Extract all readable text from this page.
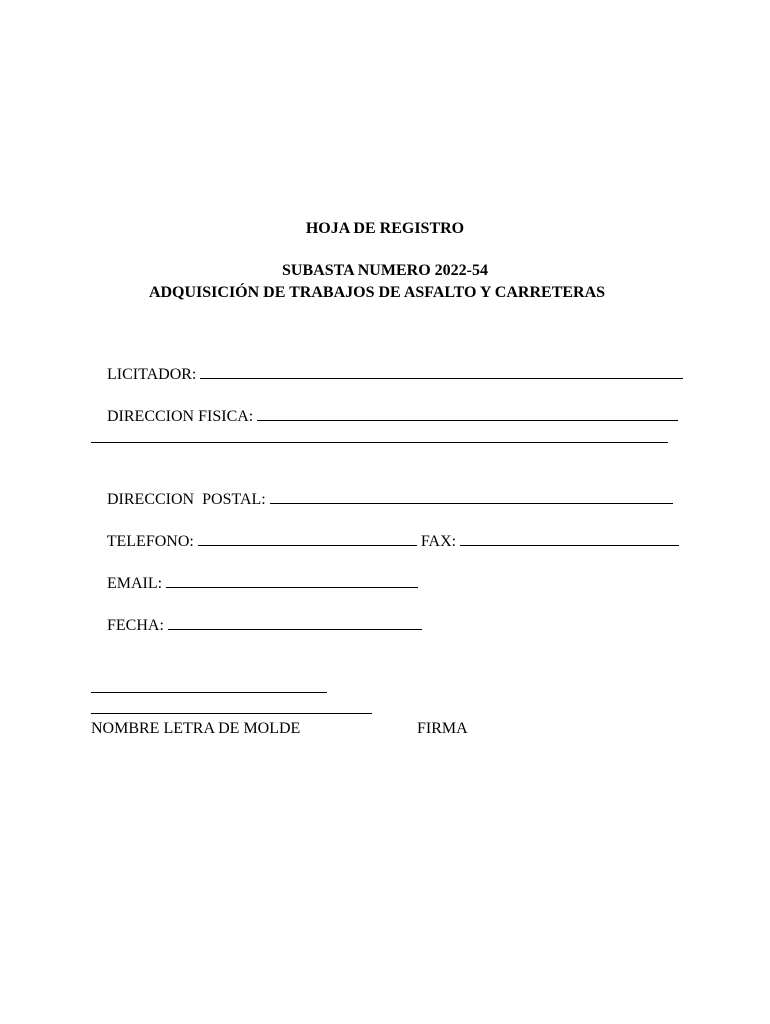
HOJA DE REGISTRO
SUBASTA NUMERO 2022-54
ADQUISICIÓN DE TRABAJOS DE ASFALTO Y CARRETERAS

LICITADOR:

DIRECCION FISICA:

DIRECCION  POSTAL:

TELEFONO:	FAX:

EMAIL:

FECHA:

NOMBRE LETRA DE MOLDE	FIRMA
